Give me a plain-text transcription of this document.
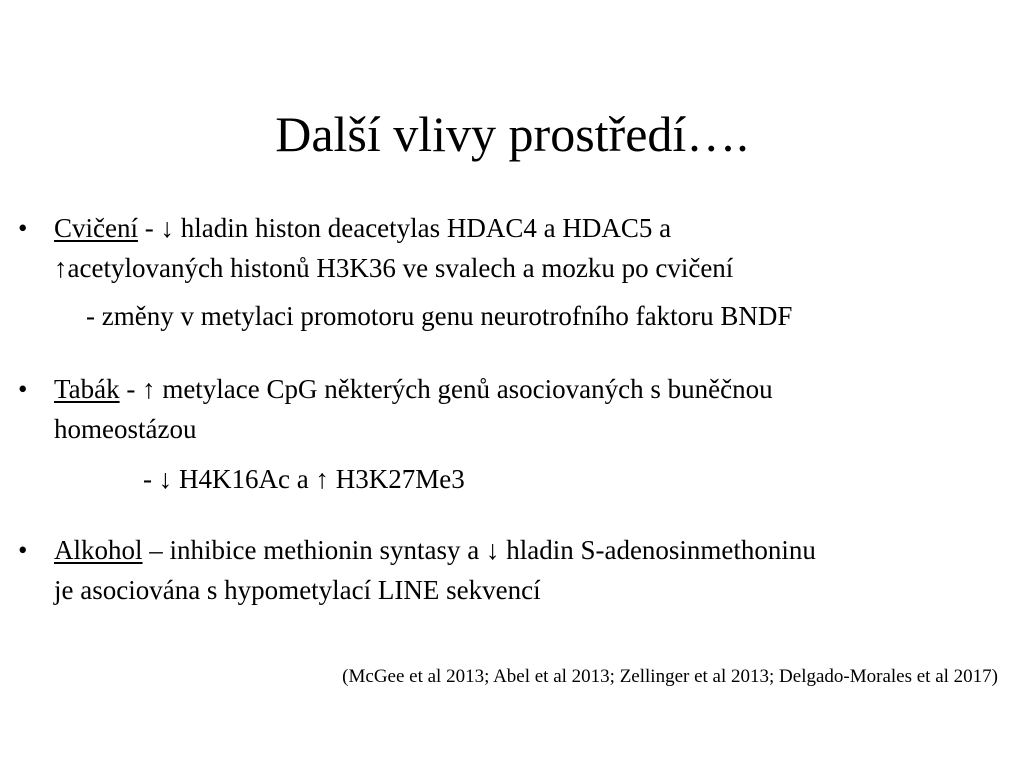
Další vlivy prostředí….
• Cvičení - ↓ hladin histon deacetylas HDAC4 a HDAC5 a
↑acetylovaných histonů H3K36 ve svalech a mozku po cvičení
- změny v metylaci promotoru genu neurotrofního faktoru BNDF
• Tabák - ↑ metylace CpG některých genů asociovaných s buněčnou
homeostázou
- ↓ H4K16Ac a ↑ H3K27Me3
• Alkohol – inhibice methionin syntasy a ↓ hladin S-adenosinmethoninu
je asociována s hypometylací LINE sekvencí
(McGee et al 2013; Abel et al 2013; Zellinger et al 2013; Delgado-Morales et al 2017)
